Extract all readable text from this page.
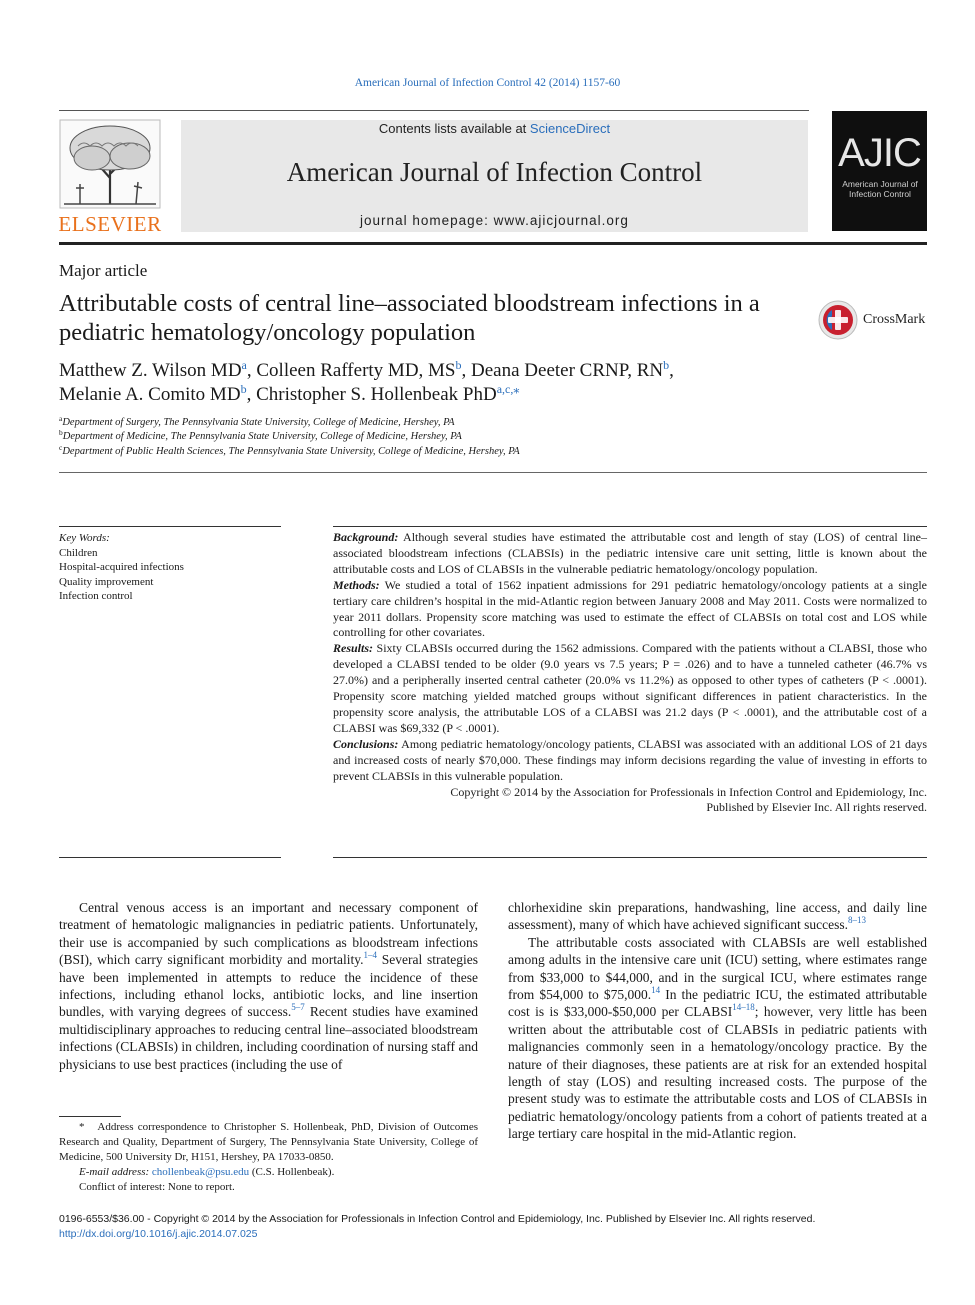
American Journal of Infection Control 42 (2014) 1157-60
ELSEVIER
Contents lists available at ScienceDirect
American Journal of Infection Control
journal homepage: www.ajicjournal.org
AJIC
American Journal of
Infection Control
Major article
Attributable costs of central line–associated bloodstream infections in a pediatric hematology/oncology population	CrossMark
Matthew Z. Wilson MD$^a$, Colleen Rafferty MD, MS$^b$, Deana Deeter CRNP, RN$^b$,
Melanie A. Comito MD$^b$, Christopher S. Hollenbeak PhD$^{a,c,⁎}$
$^a$Department of Surgery, The Pennsylvania State University, College of Medicine, Hershey, PA
$^b$Department of Medicine, The Pennsylvania State University, College of Medicine, Hershey, PA
$^c$Department of Public Health Sciences, The Pennsylvania State University, College of Medicine, Hershey, PA
Key Words:
Children
Hospital-acquired infections
Quality improvement
Infection control

Background: Although several studies have estimated the attributable cost and length of stay (LOS) of central line–associated bloodstream infections (CLABSIs) in the pediatric intensive care unit setting, little is known about the attributable costs and LOS of CLABSIs in the vulnerable pediatric hematology/oncology population.

Methods: We studied a total of 1562 inpatient admissions for 291 pediatric hematology/oncology patients at a single tertiary care children’s hospital in the mid-Atlantic region between January 2008 and May 2011. Costs were normalized to year 2011 dollars. Propensity score matching was used to estimate the effect of CLABSIs on total cost and LOS while controlling for other covariates.

Results: Sixty CLABSIs occurred during the 1562 admissions. Compared with the patients without a CLABSI, those who developed a CLABSI tended to be older (9.0 years vs 7.5 years; P = .026) and to have a tunneled catheter (46.7% vs 27.0%) and a peripherally inserted central catheter (20.0% vs 11.2%) as opposed to other types of catheters (P < .0001). Propensity score matching yielded matched groups without significant differences in patient characteristics. In the propensity score analysis, the attributable LOS of a CLABSI was 21.2 days (P < .0001), and the attributable cost of a CLABSI was $69,332 (P < .0001).

Conclusions: Among pediatric hematology/oncology patients, CLABSI was associated with an additional LOS of 21 days and increased costs of nearly $70,000. These findings may inform decisions regarding the value of investing in efforts to prevent CLABSIs in this vulnerable population.

Copyright © 2014 by the Association for Professionals in Infection Control and Epidemiology, Inc.

Published by Elsevier Inc. All rights reserved.

Central venous access is an important and necessary component of treatment of hematologic malignancies in pediatric patients. Unfortunately, their use is accompanied by such complications as bloodstream infections (BSI), which carry significant morbidity and mortality.$^{1-4}$ Several strategies have been implemented in attempts to reduce the incidence of these infections, including ethanol locks, antibiotic locks, and line insertion bundles, with varying degrees of success.$^{5-7}$ Recent studies have examined multidisciplinary approaches to reducing central line–associated bloodstream infections (CLABSIs) in children, including coordination of nursing staff and physicians to use best practices (including the use of

chlorhexidine skin preparations, handwashing, line access, and daily line assessment), many of which have achieved significant success.$^{8-13}$

The attributable costs associated with CLABSIs are well established among adults in the intensive care unit (ICU) setting, where estimates range from $33,000 to $44,000, and in the surgical ICU, where estimates range from $54,000 to $75,000.14 In the pediatric ICU, the estimated attributable cost is is $33,000-$50,000 per CLABSI$^{14-18}$; however, very little has been written about the attributable cost of CLABSIs in pediatric patients with malignancies commonly seen in a hematology/oncology practice. By the nature of their diagnoses, these patients are at risk for an extended hospital length of stay (LOS) and resulting increased costs. The purpose of the present study was to estimate the attributable costs and LOS of CLABSIs in pediatric hematology/oncology patients from a cohort of patients treated at a large tertiary care hospital in the mid-Atlantic region.

* Address correspondence to Christopher S. Hollenbeak, PhD, Division of Outcomes Research and Quality, Department of Surgery, The Pennsylvania State University, College of Medicine, 500 University Dr, H151, Hershey, PA 17033-0850.

E-mail address: chollenbeak@psu.edu (C.S. Hollenbeak).

Conflict of interest: None to report.

0196-6553/$36.00 - Copyright © 2014 by the Association for Professionals in Infection Control and Epidemiology, Inc. Published by Elsevier Inc. All rights reserved.
http://dx.doi.org/10.1016/j.ajic.2014.07.025
